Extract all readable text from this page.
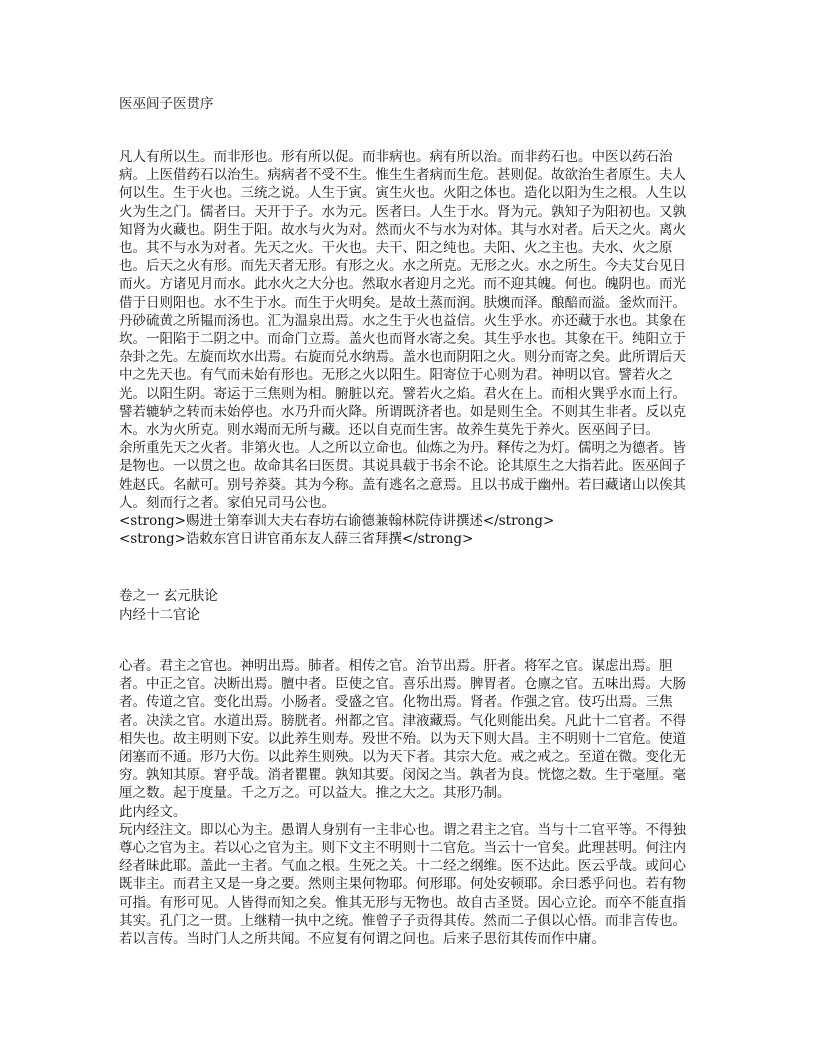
医巫闾子医贯序

凡人有所以生。而非形也。形有所以促。而非病也。病有所以治。而非药石也。中医以药石治病。上医借药石以治生。病病者不受不生。惟生生者病而生危。甚则促。故欲治生者原生。夫人何以生。生于火也。三统之说。人生于寅。寅生火也。火阳之体也。造化以阳为生之根。人生以火为生之门。儒者曰。天开于子。水为元。医者曰。人生于水。肾为元。孰知子为阳初也。又孰知肾为火藏也。阴生于阳。故水与火为对。然而火不与水为对体。其与水对者。后天之火。离火也。其不与水为对者。先天之火。干火也。夫干、阳之纯也。夫阳、火之主也。夫水、火之原也。后天之火有形。而先天者无形。有形之火。水之所克。无形之火。水之所生。今夫艾台见日而火。方诸见月而水。此水火之大分也。然取水者迎月之光。而不迎其魄。何也。魄阴也。而光借于日则阳也。水不生于水。而生于火明矣。是故土蒸而润。肤燠而泽。酿醅而溢。釜炊而汗。丹砂硫黄之所韫而汤也。汇为温泉出焉。水之生于火也益信。火生乎水。亦还藏于水也。其象在坎。一阳陷于二阴之中。而命门立焉。盖火也而肾水寄之矣。其生乎水也。其象在干。纯阳立于杂卦之先。左旋而坎水出焉。右旋而兑水纳焉。盖水也而阴阳之火。则分而寄之矣。此所谓后天中之先天也。有气而未始有形也。无形之火以阳生。阳寄位于心则为君。神明以官。譬若火之光。以阳生阴。寄运于三焦则为相。腑脏以充。譬若火之焰。君火在上。而相火巽乎水而上行。譬若辘轳之转而未始停也。水乃升而火降。所谓既济者也。如是则生全。不则其生非者。反以克木。水为火所克。则水竭而无所与藏。还以自克而生害。故养生莫先于养火。医巫闾子曰。

余所重先天之火者。非第火也。人之所以立命也。仙炼之为丹。释传之为灯。儒明之为德者。皆是物也。一以贯之也。故命其名曰医贯。其说具载于书余不论。论其原生之大指若此。医巫闾子姓赵氏。名献可。别号养葵。其为今称。盖有逃名之意焉。且以书成于幽州。若曰藏诸山以俟其人。刻而行之者。家伯兄司马公也。

<strong>赐进士第奉训大夫右春坊右谕德兼翰林院侍讲撰述</strong>

<strong>诰敕东宫日讲官甬东友人薛三省拜撰</strong>

卷之一 玄元肤论
内经十二官论

心者。君主之官也。神明出焉。肺者。相传之官。治节出焉。肝者。将军之官。谋虑出焉。胆者。中正之官。决断出焉。膻中者。臣使之官。喜乐出焉。脾胃者。仓廪之官。五味出焉。大肠者。传道之官。变化出焉。小肠者。受盛之官。化物出焉。肾者。作强之官。伎巧出焉。三焦者。决渎之官。水道出焉。膀胱者。州都之官。津液藏焉。气化则能出矣。凡此十二官者。不得相失也。故主明则下安。以此养生则寿。殁世不殆。以为天下则大昌。主不明则十二官危。使道闭塞而不通。形乃大伤。以此养生则殃。以为天下者。其宗大危。戒之戒之。至道在微。变化无穷。孰知其原。窘乎哉。消者瞿瞿。孰知其要。闵闵之当。孰者为良。恍惚之数。生于毫厘。毫厘之数。起于度量。千之万之。可以益大。推之大之。其形乃制。

此内经文。

玩内经注文。即以心为主。愚谓人身别有一主非心也。谓之君主之官。当与十二官平等。不得独尊心之官为主。若以心之官为主。则下文主不明则十二官危。当云十一官矣。此理甚明。何注内经者昧此耶。盖此一主者。气血之根。生死之关。十二经之纲维。医不达此。医云乎哉。或问心既非主。而君主又是一身之要。然则主果何物耶。何形耶。何处安顿耶。余曰悉乎问也。若有物可指。有形可见。人皆得而知之矣。惟其无形与无物也。故自古圣贤。因心立论。而卒不能直指其实。孔门之一贯。上继精一执中之统。惟曾子子贡得其传。然而二子俱以心悟。而非言传也。若以言传。当时门人之所共闻。不应复有何谓之问也。后来子思衍其传而作中庸。
